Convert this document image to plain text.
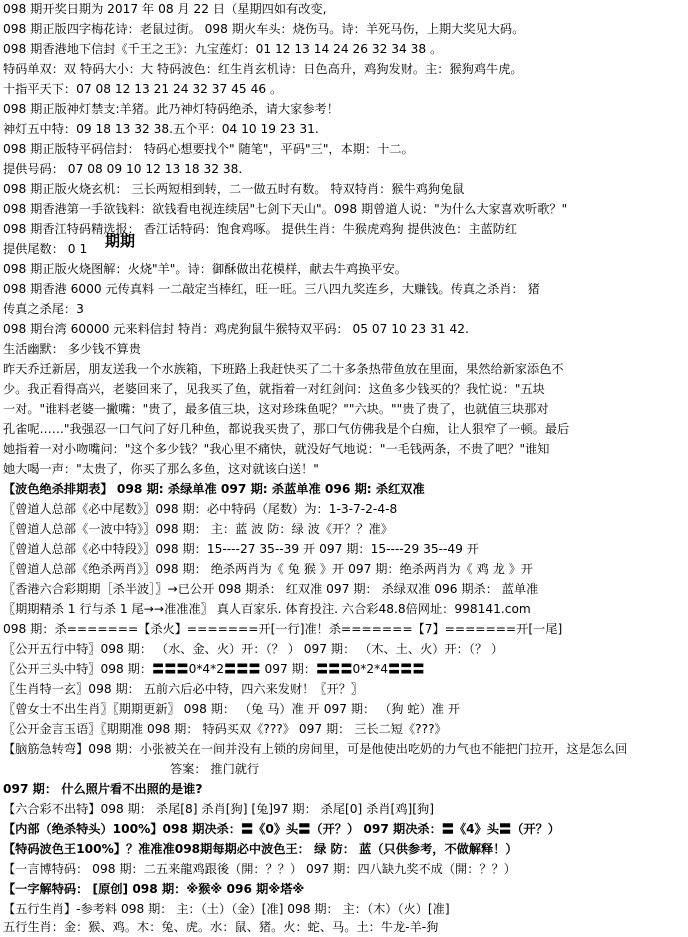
098 期开奖日期为 2017 年 08 月 22 日（星期四如有改变,
098 期正版四字梅花诗：老鼠过街。 098 期火车头：烧伤马。诗：羊死马伤，上期大奖见大码。
098 期香港地下信封《千王之王》：九宝莲灯：01 12 13 14 24 26 32 34 38 。
特码单双：双 特码大小：大 特码波色：红生肖玄机诗：日色高升，鸡狗发财。主：猴狗鸡牛虎。
十指平天下：07 08 12 13 21 24 32 37 45 46 。
098 期正版神灯禁支:羊猪。此乃神灯特码绝杀，请大家参考！
神灯五中特：09 18 13 32 38.五个平：04 10 19 23 31.
098 期正版特平码信封： 特码心想要找个" 随笔"，平码"三"，本期：十二。
提供号码： 07 08 09 10 12 13 18 32 38.
098 期正版火烧玄机： 三长两短相到转，二一做五时有数。 特双特肖：猴牛鸡狗兔鼠
098 期香港第一手欲钱料：欲钱看电视连续居"七剑下天山"。098 期曾道人说："为什么大家喜欢听歌？"
098 期香江特码精选报： 香江话特码：饱食鸡啄。 提供生肖：牛猴虎鸡狗 提供波色：主蓝防红
提供尾数： 0 1 期期
098 期正版火烧图解：火烧"羊"。诗：御酥做出花模样，献去牛鸡换平安。
098 期香港 6000 元传真料 一二敲定当棒红，旺一旺。三八四九奖连乡，大赚钱。传真之杀肖： 猪
传真之杀尾：3
098 期台湾 60000 元来料信封 特肖：鸡虎狗鼠牛猴特双平码： 05 07 10 23 31 42.
生活幽默： 多少钱不算贵
昨天乔迁新居，朋友送我一个水族箱，下班路上我赶快买了二十多条热带鱼放在里面，果然给新家添色不
少。我正看得高兴，老婆回来了，见我买了鱼，就指着一对红剑问：这鱼多少钱买的？我忙说："五块
一对。"谁料老婆一撇嘴："贵了，最多值三块，这对珍珠鱼呢？""六块。""贵了贵了，也就值三块那对
孔雀呢……"我强忍一口气问了好几种鱼，都说我买贵了，那口气仿佛我是个白痴，让人狠窄了一顿。最后
她指着一对小吻嘴问："这个多少钱？"我心里不痛快，就没好气地说："一毛钱两条，不贵了吧？"谁知
她大喝一声："太贵了，你买了那么多鱼，这对就该白送！"
【波色绝杀排期表】 098 期: 杀绿单准 097 期: 杀蓝单准 096 期: 杀红双准
〖曾道人总部《必中尾数》〗098 期：必中特码（尾数）为：1-3-7-2-4-8
〖曾道人总部《一波中特》〗098 期： 主：蓝 波 防：绿 波《开？？准》
〖曾道人总部《必中特段》〗098 期：15----27 35--39 开 097 期：15----29 35--49 开
〖曾道人总部《绝杀两肖》〗098 期： 绝杀两肖为《 兔 猴 》开 097 期：绝杀两肖为《 鸡 龙 》开
〖香港六合彩期期［杀半波］〗→已公开 098 期杀： 红双准 097 期： 杀绿双准 096 期杀： 蓝单准
〖期期精杀 1 行与杀 1 尾→→准准准〗 真人百家乐. 体育投注. 六合彩48.8倍网址：998141.com
098 期：杀=======【杀火】=======开[一行]准！杀=======【7】=======开[一尾]
〖公开五行中特〗098 期： （水、金、火）开：（？ ） 097 期： （木、土、火）开：（？ ）
〖公开三头中特〗098 期：〓〓〓0*4*2〓〓〓 097 期：〓〓〓0*2*4〓〓〓
〖生肖特一玄〗098 期： 五前六后必中特，四六来发财！〖开？〗
〖曾女士不出生肖〗〖期期更新〗 098 期： （兔 马）准 开 097 期： （狗 蛇）准 开
〖公开金言玉语〗〖期期准 098 期： 特码买双《???》 097 期： 三长二短《???》
【脑筋急转弯】098 期：小张被关在一间并没有上锁的房间里，可是他使出吃奶的力气也不能把门拉开，这是怎么回
答案： 推门就行
097 期： 什么照片看不出照的是谁?
【六合彩不出特】098 期： 杀尾[8] 杀肖[狗] [兔]97 期： 杀尾[0] 杀肖[鸡][狗]
【内部（绝杀特头）100%】098 期决杀：〓《0》头〓（开？） 097 期决杀：〓《4》头〓（开？）
【特码波色王100%】？准准准098期每期必中波色王： 绿 防： 蓝（只供参考，不做解释！）
【一言博特码： 098 期：二五来龍鸡跟後（開：？？） 097 期：四八缺九奖不成（開：？？）
【一字解特码： [原创] 098 期：※猴※ 096 期※塔※
【五行生肖】-参考料 098 期： 主：（土）（金）[准] 098 期： 主：（木）（火）[准]
五行生肖：金：猴、鸡。木：兔、虎。水：鼠、猪。火：蛇、马。土：牛龙-羊-狗
